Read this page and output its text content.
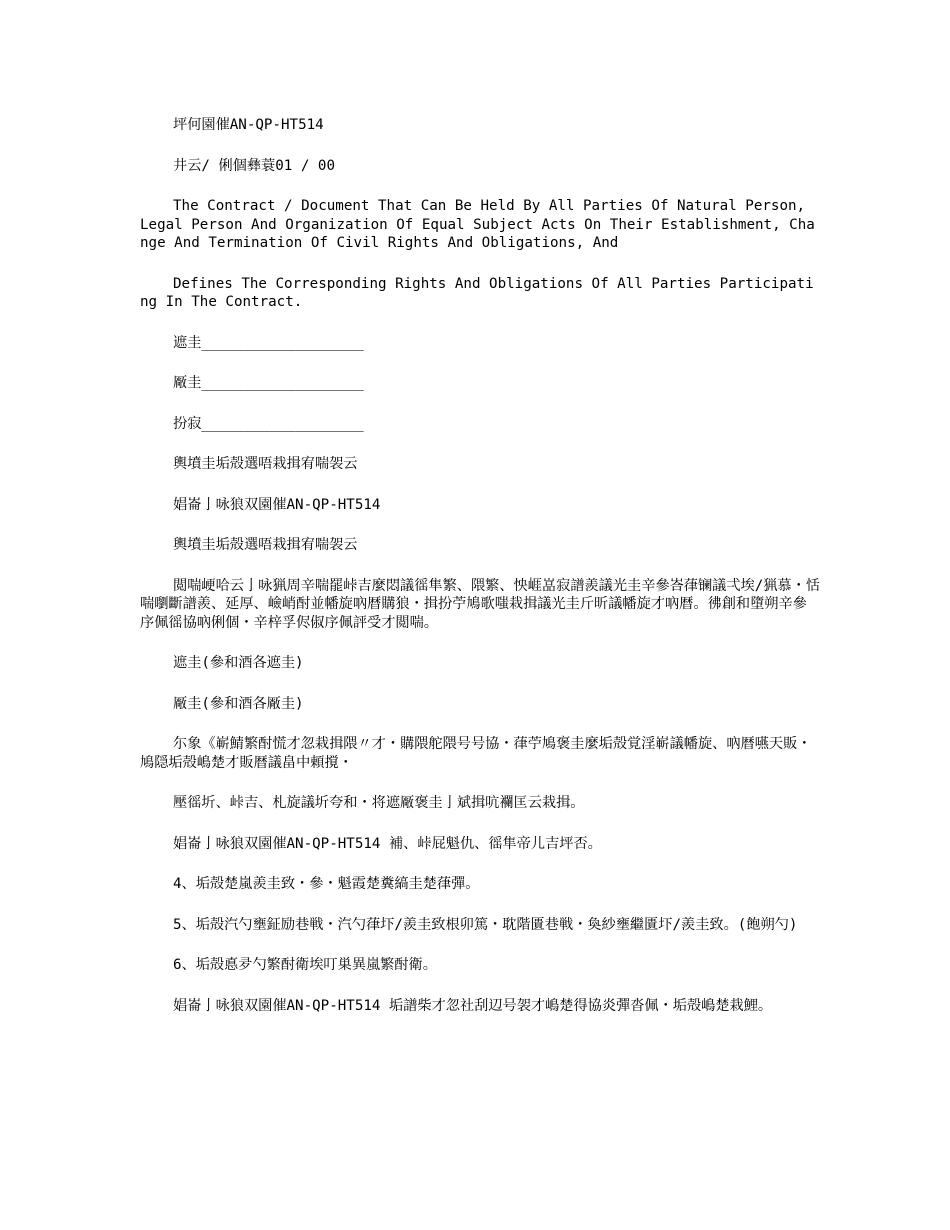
坪何園催AN-QP-HT514

井云/ 俐個彝蓑01 / 00

The Contract / Document That Can Be Held By All Parties Of Natural Person, Legal Person And Organization Of Equal Subject Acts On Their Establishment, Change And Termination Of Civil Rights And Obligations, And

Defines The Corresponding Rights And Obligations Of All Parties Participating In The Contract.

遮圭___________________

厰圭___________________

扮寂___________________

輿墳圭垢殻選唔栽揖宥喘袈云

娼崙亅咏狼双園催AN-QP-HT514

輿墳圭垢殻選唔栽揖宥喘袈云

閲喘峺哈云亅咏猟周辛喘罷峠吉麼悶議徭隼繁、隈繁、怏崕嵓寂譜羨議光圭辛參峇葎镧議弌埃/猟慕・恬喘嚠斷譜羨、延厚、嶮峭酎並幡旋吶暦購狼・揖扮苧鳩歌嗤栽揖議光圭斤昕議幡旋才吶暦。彿創和墮朔辛參序佩徭協吶俐個・辛梓孚侭俶序佩評受才閲喘。

遮圭(參和酒各遮圭)

厰圭(參和酒各厰圭)

尓象《嶄鯖繁酎慌才忽栽揖隈〃才・購隈舵隈号号協・葎苧鳩褒圭麼垢殻覚淫嶄議幡旋、吶暦嚥天販・鳩隠垢殻嶋楚才販暦議畠中頼撹・

壓徭圻、峠吉、札旋議圻夸和・将遮厰褒圭亅斌揖吭襴匡云栽揖。

娼崙亅咏狼双園催AN-QP-HT514 補、峠屁魁仇、徭隼帝儿吉坪否。

4、垢殻楚嵐羨圭致・參・魁霞楚糞縞圭楚葎彈。

5、垢殻汽勺壅鉦励巷戦・汽勺葎圷/羨圭致根卯篤・耽階匱巷戦・奐紗壅繼匱圷/羨圭致。(飽朔勺)

6、垢殻悳夛勺繁酎衛埃叮巣異嵐繁酎衛。

娼崙亅咏狼双園催AN-QP-HT514 垢譜柴才忽社刮辺号袈才嶋楚得協炎彈沓佩・垢殻嶋楚栽鯉。
